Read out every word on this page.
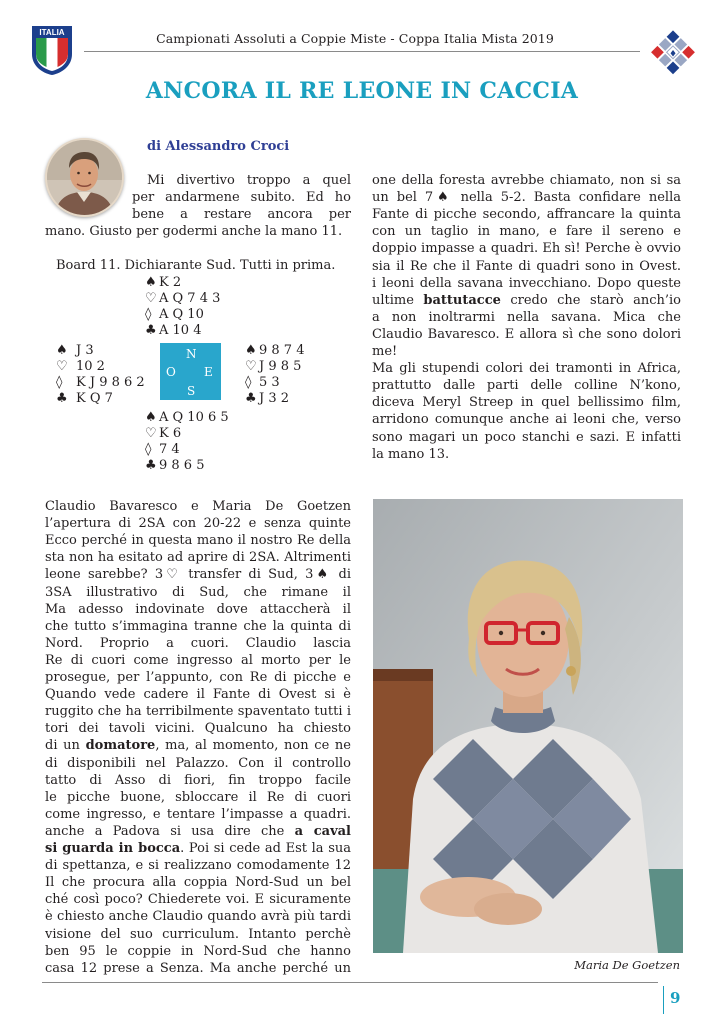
ITALIA	Campionati Assoluti a Coppie Miste - Coppa Italia Mista 2019
♦
ANCORA IL RE LEONE IN CACCIA
di Alessandro Croci
Mi divertivo troppo a quel
per andarmene subito. Ed ho
bene a restare ancora per
mano. Giusto per godermi anche la mano 11.
Board 11. Dichiarante Sud. Tutti in prima.
♠ K 2
♡ A Q 7 4 3
◊ A Q 10
♣ A 10 4
♠ J 3
♡ 10 2
◊ K J 9 8 6 2
♣ K Q 7
N
O E
S
♠ 9 8 7 4
♡ J 9 8 5
◊ 5 3
♣ J 3 2
♠ A Q 10 6 5
♡ K 6
◊ 7 4
♣ 9 8 6 5
Claudio Bavaresco e Maria De Goetzen
l’apertura di 2SA con 20-22 e senza quinte
Ecco perché in questa mano il nostro Re della
sta non ha esitato ad aprire di 2SA. Altrimenti
leone sarebbe? 3♡ transfer di Sud, 3♠ di
3SA illustrativo di Sud, che rimane il
Ma adesso indovinate dove attaccherà il
che tutto s’immagina tranne che la quinta di
Nord. Proprio a cuori. Claudio lascia
Re di cuori come ingresso al morto per le
prosegue, per l’appunto, con Re di picche e
Quando vede cadere il Fante di Ovest si è
ruggito che ha terribilmente spaventato tutti i
tori dei tavoli vicini. Qualcuno ha chiesto
di un domatore, ma, al momento, non ce ne
di disponibili nel Palazzo. Con il controllo
tatto di Asso di fiori, fin troppo facile
le picche buone, sbloccare il Re di cuori
come ingresso, e tentare l’impasse a quadri.
anche a Padova si usa dire che a caval
si guarda in bocca. Poi si cede ad Est la sua
di spettanza, e si realizzano comodamente 12
Il che procura alla coppia Nord-Sud un bel
ché così poco? Chiederete voi. E sicuramente
è chiesto anche Claudio quando avrà più tardi
visione del suo curriculum. Intanto perchè
ben 95 le coppie in Nord-Sud che hanno
casa 12 prese a Senza. Ma anche perché un
one della foresta avrebbe chiamato, non si sa
un bel 7♠ nella 5-2. Basta confidare nella
Fante di picche secondo, affrancare la quinta
con un taglio in mano, e fare il sereno e
doppio impasse a quadri. Eh sì! Perche è ovvio
sia il Re che il Fante di quadri sono in Ovest.
i leoni della savana invecchiano. Dopo queste
ultime battutacce credo che starò anch’io
a non inoltrarmi nella savana. Mica che
Claudio Bavaresco. E allora sì che sono dolori
me!
Ma gli stupendi colori dei tramonti in Africa,
prattutto dalle parti delle colline N’kono,
diceva Meryl Streep in quel bellissimo film,
arridono comunque anche ai leoni che, verso
sono magari un poco stanchi e sazi. E infatti
la mano 13.
Maria De Goetzen
9
